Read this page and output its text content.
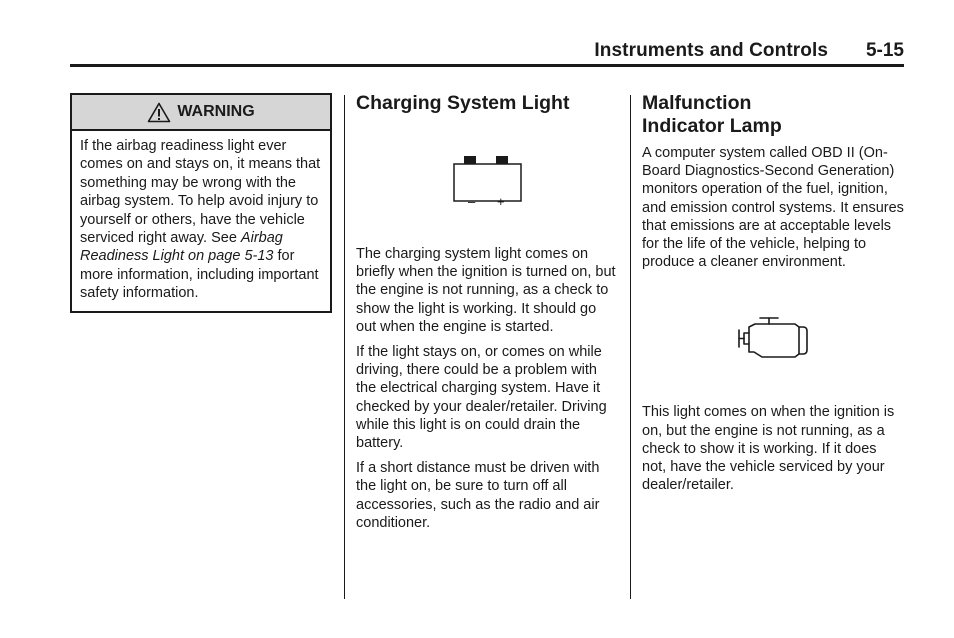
Instruments and Controls 5-15
WARNING

If the airbag readiness light ever comes on and stays on, it means that something may be wrong with the airbag system. To help avoid injury to yourself or others, have the vehicle serviced right away. See Airbag Readiness Light on page 5-13 for more information, including important safety information.

Charging System Light
– +

The charging system light comes on briefly when the ignition is turned on, but the engine is not running, as a check to show the light is working. It should go out when the engine is started.

If the light stays on, or comes on while driving, there could be a problem with the electrical charging system. Have it checked by your dealer/retailer. Driving while this light is on could drain the battery.

If a short distance must be driven with the light on, be sure to turn off all accessories, such as the radio and air conditioner.

Malfunction
Indicator Lamp

A computer system called OBD II (On-Board Diagnostics-Second Generation) monitors operation of the fuel, ignition, and emission control systems. It ensures that emissions are at acceptable levels for the life of the vehicle, helping to produce a cleaner environment.

This light comes on when the ignition is on, but the engine is not running, as a check to show it is working. If it does not, have the vehicle serviced by your dealer/retailer.
